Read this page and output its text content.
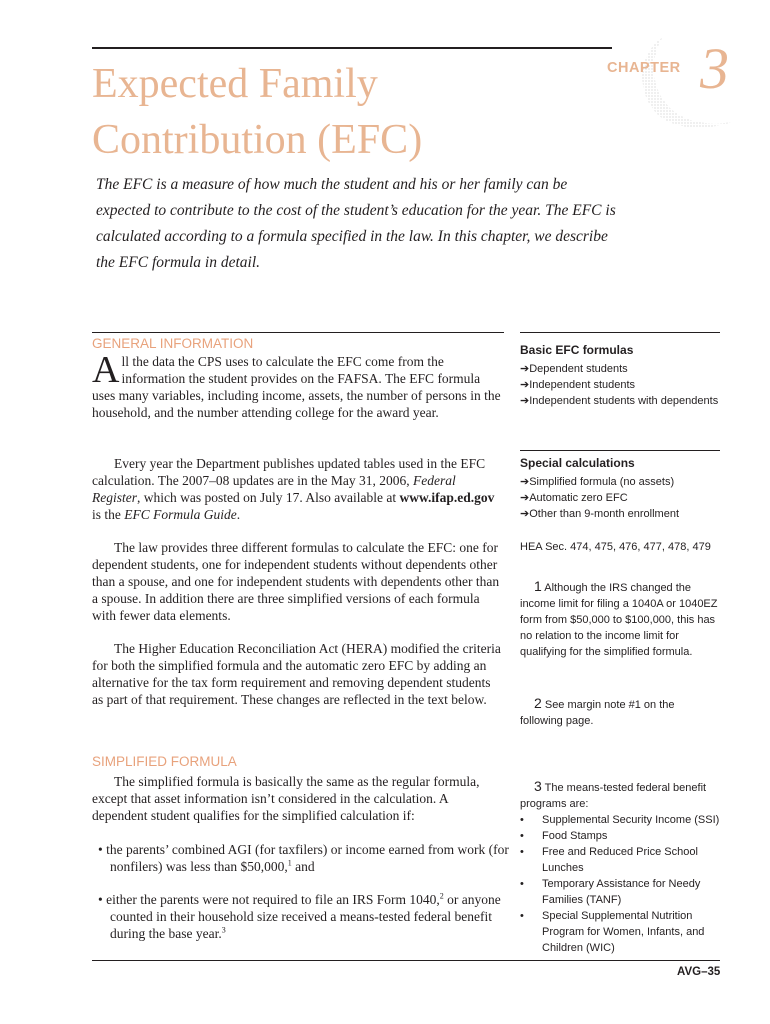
Expected Family
Contribution (EFC)
CHAPTER 3

The EFC is a measure of how much the student and his or her family can be expected to contribute to the cost of the student’s education for the year. The EFC is calculated according to a formula specified in the law. In this chapter, we describe the EFC formula in detail.

GENERAL INFORMATION

All the data the CPS uses to calculate the EFC come from the information the student provides on the FAFSA. The EFC formula uses many variables, including income, assets, the number of persons in the household, and the number attending college for the award year.

Every year the Department publishes updated tables used in the EFC calculation. The 2007–08 updates are in the May 31, 2006, Federal Register, which was posted on July 17. Also available at www.ifap.ed.gov is the EFC Formula Guide.

The law provides three different formulas to calculate the EFC: one for dependent students, one for independent students without dependents other than a spouse, and one for independent students with dependents other than a spouse. In addition there are three simplified versions of each formula with fewer data elements.

The Higher Education Reconciliation Act (HERA) modified the criteria for both the simplified formula and the automatic zero EFC by adding an alternative for the tax form requirement and removing dependent students as part of that requirement. These changes are reflected in the text below.

SIMPLIFIED FORMULA

The simplified formula is basically the same as the regular formula, except that asset information isn’t considered in the calculation. A dependent student qualifies for the simplified calculation if:

• the parents’ combined AGI (for taxfilers) or income earned from work (for nonfilers) was less than $50,000,$^1$ and

• either the parents were not required to file an IRS Form 1040,$^2$ or anyone counted in their household size received a means-tested federal benefit during the base year.$^3$

Basic EFC formulas
➔Dependent students
➔Independent students
➔Independent students with dependents
Special calculations
➔Simplified formula (no assets)
➔Automatic zero EFC
➔Other than 9-month enrollment

HEA Sec. 474, 475, 476, 477, 478, 479

1 Although the IRS changed the income limit for filing a 1040A or 1040EZ form from $50,000 to $100,000, this has no relation to the income limit for qualifying for the simplified formula.

2 See margin note #1 on the following page.

3 The means-tested federal benefit programs are:

• Supplemental Security Income (SSI)
• Food Stamps
• Free and Reduced Price School Lunches
• Temporary Assistance for Needy Families (TANF)
• Special Supplemental Nutrition Program for Women, Infants, and Children (WIC)
AVG–35
